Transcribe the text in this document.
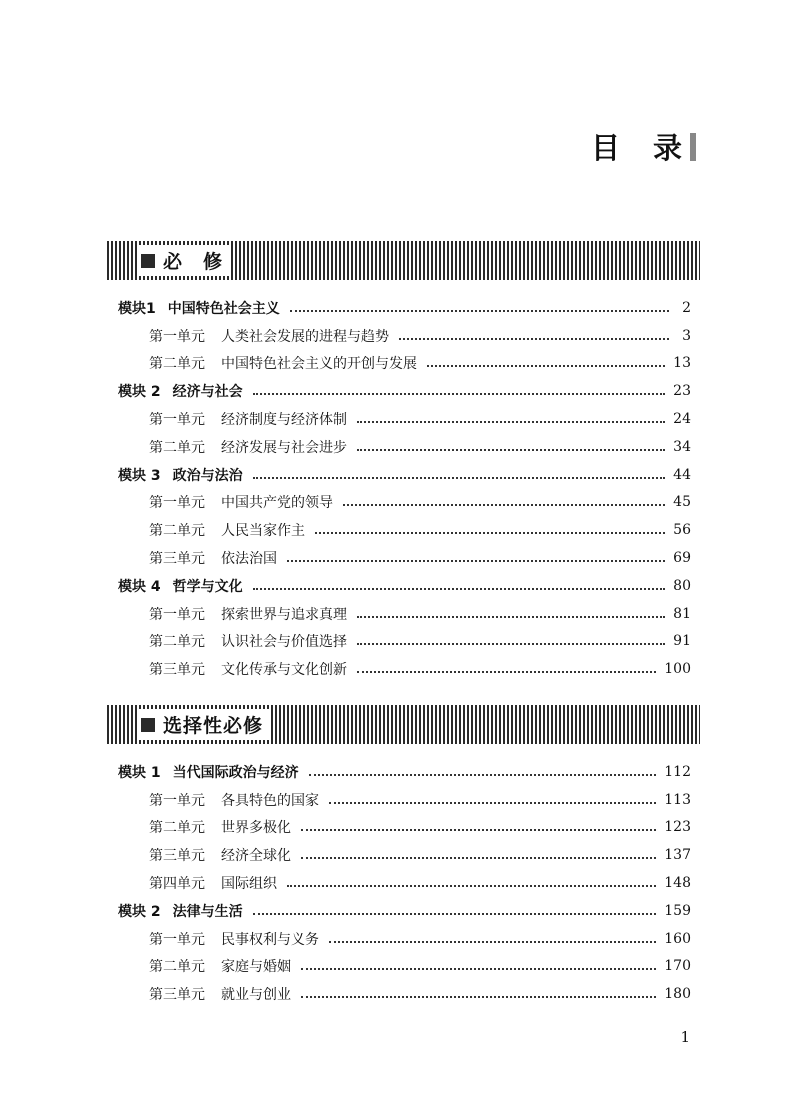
目　录
必　修
模块1 中国特色社会主义	2
第一单元 人类社会发展的进程与趋势	3
第二单元 中国特色社会主义的开创与发展	13
模块 2 经济与社会	23
第一单元 经济制度与经济体制	24
第二单元 经济发展与社会进步	34
模块 3 政治与法治	44
第一单元 中国共产党的领导	45
第二单元 人民当家作主	56
第三单元 依法治国	69
模块 4 哲学与文化	80
第一单元 探索世界与追求真理	81
第二单元 认识社会与价值选择	91
第三单元 文化传承与文化创新	100
选择性必修
模块 1 当代国际政治与经济	112
第一单元 各具特色的国家	113
第二单元 世界多极化	123
第三单元 经济全球化	137
第四单元 国际组织	148
模块 2 法律与生活	159
第一单元 民事权利与义务	160
第二单元 家庭与婚姻	170
第三单元 就业与创业	180
1
